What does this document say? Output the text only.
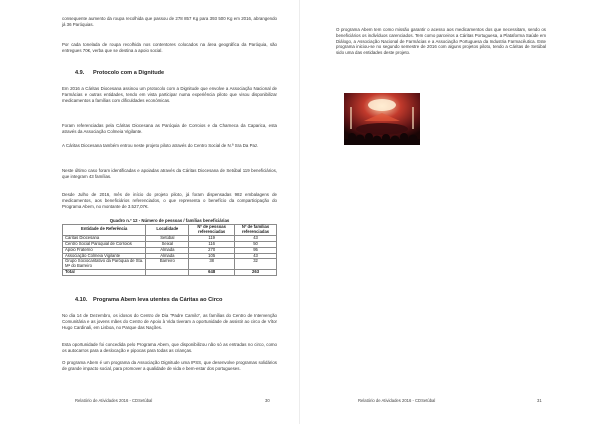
consequente aumento da roupa recolhida que passou de 278 857 Kg para 393 500 Kg em 2016, abrangendo já 36 Paróquias.

Por cada tonelada de roupa recolhida nos contentores colocados na área geográfica da Paróquia, são entregues 70€, verba que se destina a apoio social.

4.9. Protocolo com a Dignitude

Em 2016 a Cáritas Diocesana assinou um protocolo com a Dignitude que envolve a Associação Nacional de Farmácias e outras entidades, tendo em vista participar numa experiência piloto que visou disponibilizar medicamentos a famílias com dificuldades económicas.

Foram referenciadas pela Cáritas Diocesana as Paróquia de Corroios e da Charneca da Caparica, esta através da Associação Colmeia Vigilante.

A Cáritas Diocesana também entrou neste projeto piloto através do Centro Social de N.ª Sra Da Paz.

Neste último caso foram identificadas e apoiadas através da Cáritas Diocesana de Setúbal 119 beneficiários, que integram 43 famílias.

Desde Julho de 2016, mês de início do projeto piloto, já foram dispensadas 982 embalagens de medicamentos, aos beneficiários referenciados, o que representa o benefício da comparticipação do Programa Abem, no montante de 3.527,07€.

Quadro n.º 12 - Número de pessoas / famílias beneficiárias

Entidade de Referência	Localidade	Nº de pessoas referenciadas	Nº de famílias referenciadas
Cáritas Diocesana	Setúbal	119	43
Centro Social Paroquial de Corroios	Seixal	116	50
Apoio Fraterno	Almada	270	95
Associação Colmeia Vigilante	Almada	105	43
Grupo Sociocaritativo da Paróquia de Sta. Mª do Barreiro	Barreiro	38	32
Total		648	263
4.10. Programa Abem leva utentes da Cáritas ao Circo

No dia 14 de Dezembro, os idosos do Centro de Dia "Padre Camilo", as famílias do Centro de Intervenção Comunitária e as jovens mães do Centro de Apoio à Vida tiveram a oportunidade de assistir ao circo de Vítor Hugo Cardinali, em Lisboa, no Parque das Nações.

Esta oportunidade foi concedida pelo Programa Abem, que disponibilizou não só as entradas no circo, como os autocarros para a deslocação e pipocas para todas as crianças.

O programa Abem é um programa da Associação Dignitude uma IPSS, que desenvolve programas solidários de grande impacto social, para promover a qualidade de vida e bem-estar dos portugueses.

Relatório de Atividades 2016 - CDSetúbal	30

O programa Abem tem como missão garantir o acesso aos medicamentos dos que necessitam, sendo os beneficiários os indivíduos carenciados. Tem como parceiros a Cáritas Portuguesa, a Plataforma Saúde em Diálogo, a Associação Nacional de Farmácias e a Associação Portuguesa da Industria Farmacêutica. Este programa iniciou-se no segundo semestre de 2016 com alguns projetos piloto, tendo a Cáritas de Setúbal sido uma das entidades deste projeto.

Relatório de Atividades 2016 - CDSetúbal	31
